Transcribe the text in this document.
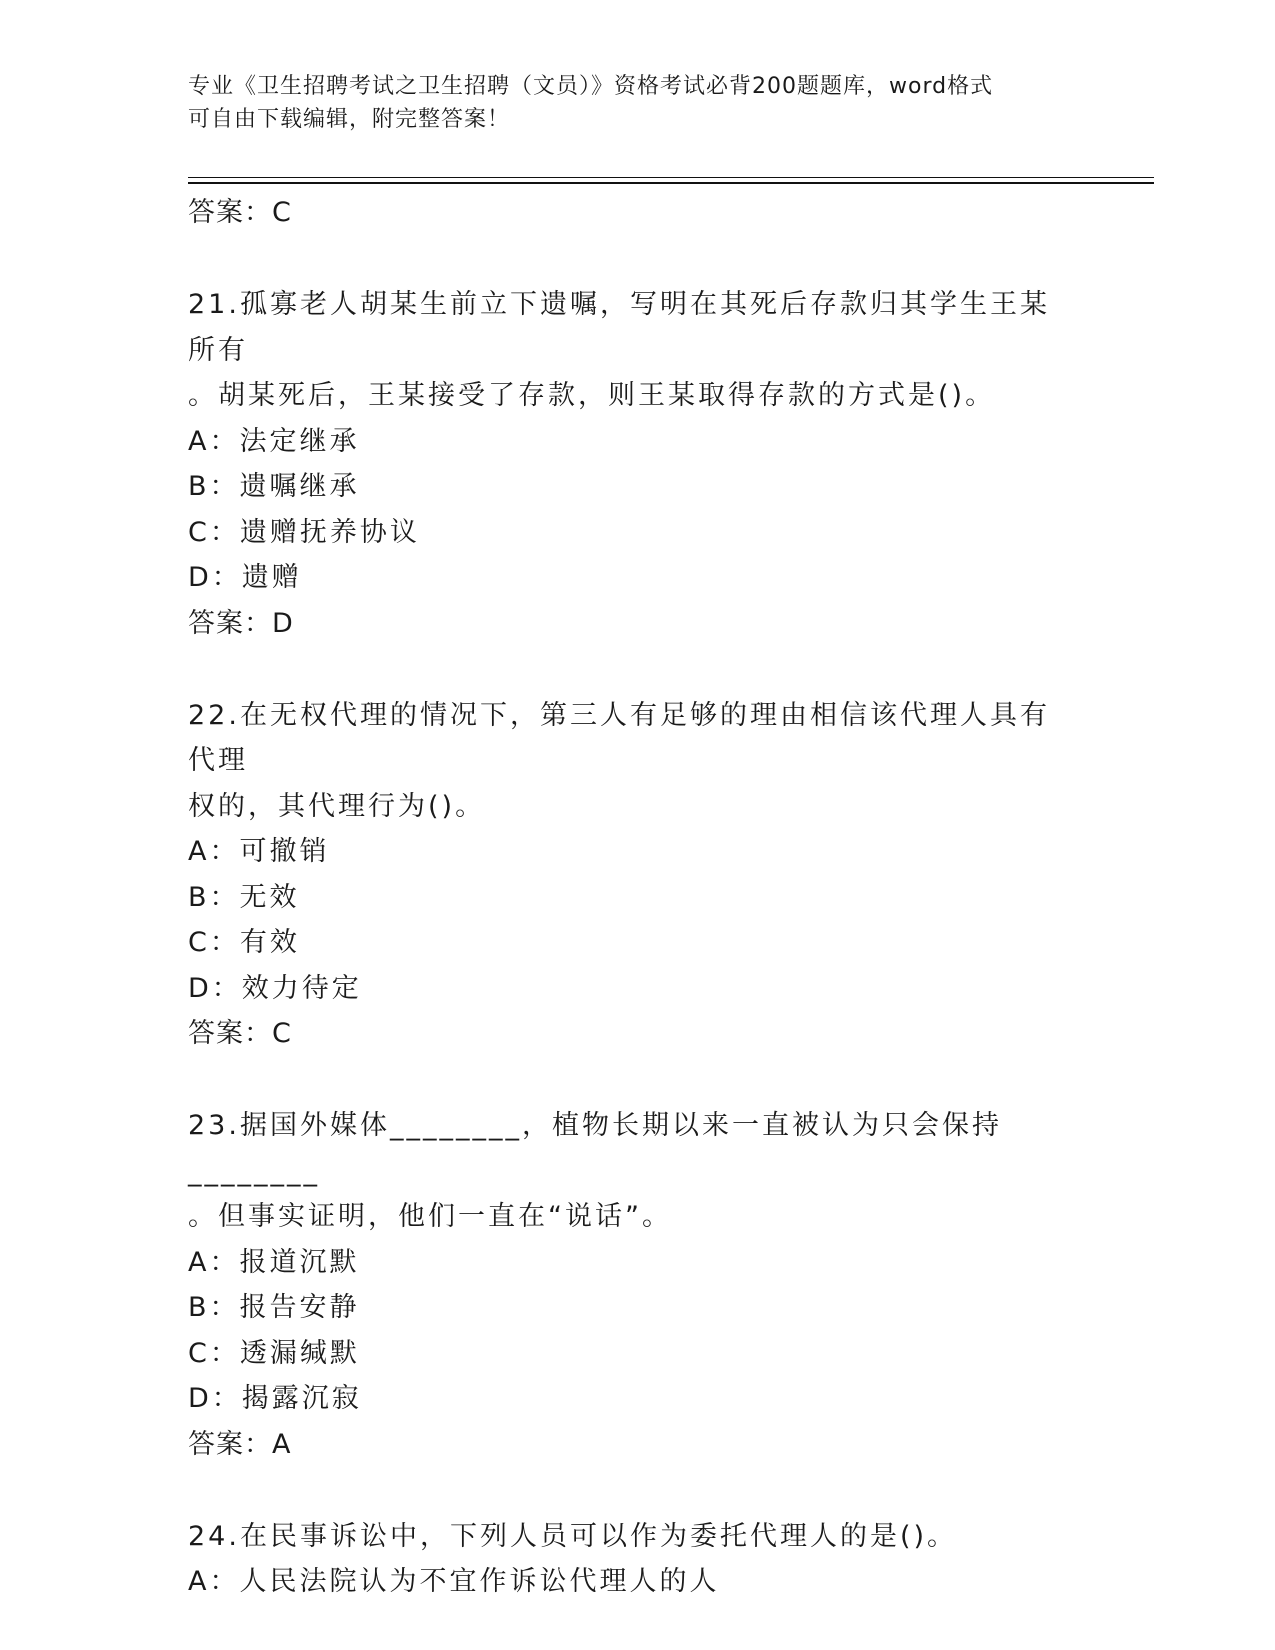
专业《卫生招聘考试之卫生招聘（文员）》资格考试必背200题题库，word格式
可自由下载编辑，附完整答案！
答案：C
21.孤寡老人胡某生前立下遗嘱，写明在其死后存款归其学生王某所有
。胡某死后，王某接受了存款，则王某取得存款的方式是()。
A：法定继承
B：遗嘱继承
C：遗赠抚养协议
D：遗赠
答案：D
22.在无权代理的情况下，第三人有足够的理由相信该代理人具有代理
权的，其代理行为()。
A：可撤销
B：无效
C：有效
D：效力待定
答案：C
23.据国外媒体________，植物长期以来一直被认为只会保持________
。但事实证明，他们一直在“说话”。
A：报道沉默
B：报告安静
C：透漏缄默
D：揭露沉寂
答案：A
24.在民事诉讼中，下列人员可以作为委托代理人的是()。
A：人民法院认为不宜作诉讼代理人的人
